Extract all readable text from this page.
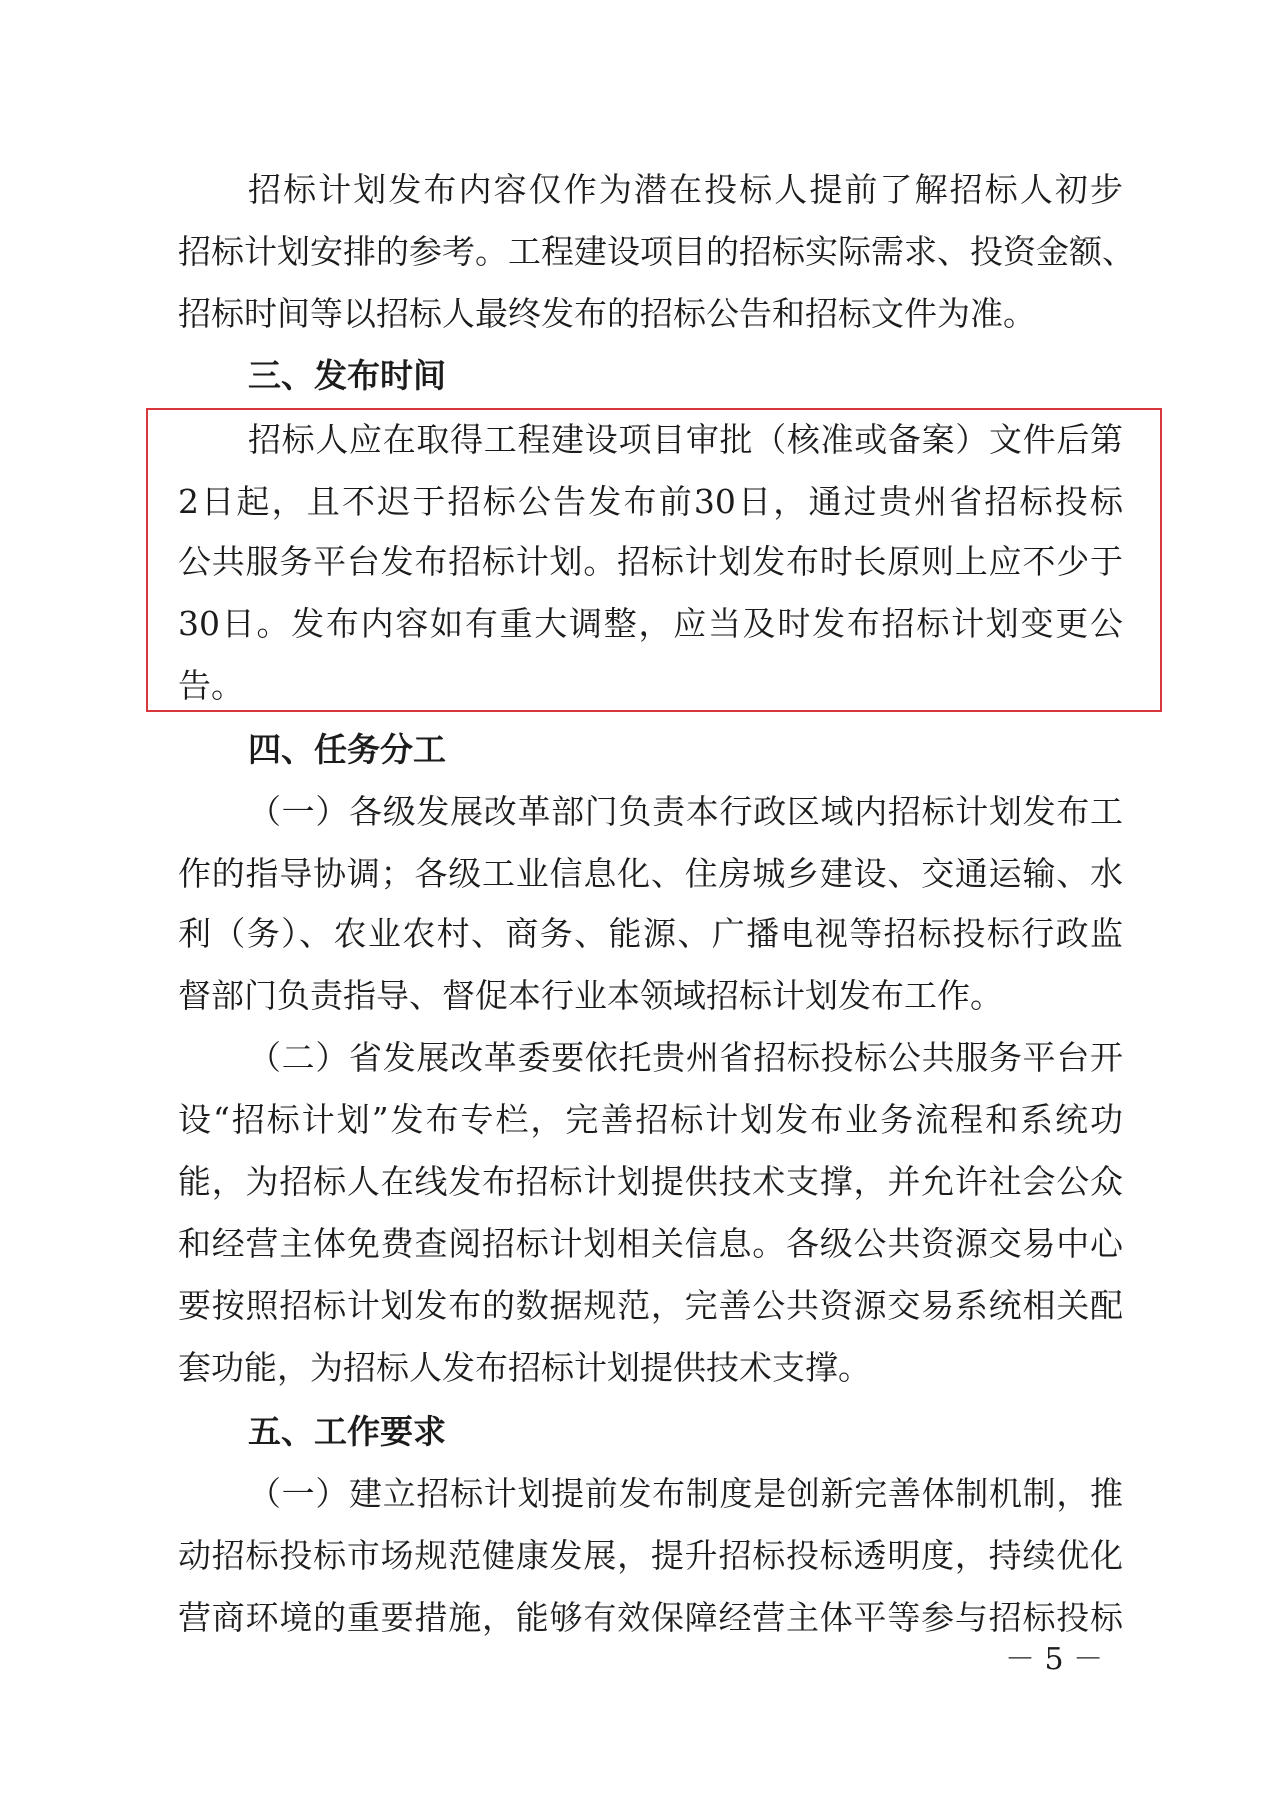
招标计划发布内容仅作为潜在投标人提前了解招标人初步
招标计划安排的参考。工程建设项目的招标实际需求、投资金额、
招标时间等以招标人最终发布的招标公告和招标文件为准。
三、发布时间
招标人应在取得工程建设项目审批（核准或备案）文件后第
2日起，且不迟于招标公告发布前30日，通过贵州省招标投标
公共服务平台发布招标计划。招标计划发布时长原则上应不少于
30日。发布内容如有重大调整，应当及时发布招标计划变更公
告。
四、任务分工
（一）各级发展改革部门负责本行政区域内招标计划发布工
作的指导协调；各级工业信息化、住房城乡建设、交通运输、水
利（务）、农业农村、商务、能源、广播电视等招标投标行政监
督部门负责指导、督促本行业本领域招标计划发布工作。
（二）省发展改革委要依托贵州省招标投标公共服务平台开
设“招标计划”发布专栏，完善招标计划发布业务流程和系统功
能，为招标人在线发布招标计划提供技术支撑，并允许社会公众
和经营主体免费查阅招标计划相关信息。各级公共资源交易中心
要按照招标计划发布的数据规范，完善公共资源交易系统相关配
套功能，为招标人发布招标计划提供技术支撑。
五、工作要求
（一）建立招标计划提前发布制度是创新完善体制机制，推
动招标投标市场规范健康发展，提升招标投标透明度，持续优化
营商环境的重要措施，能够有效保障经营主体平等参与招标投标
－ 5 －
